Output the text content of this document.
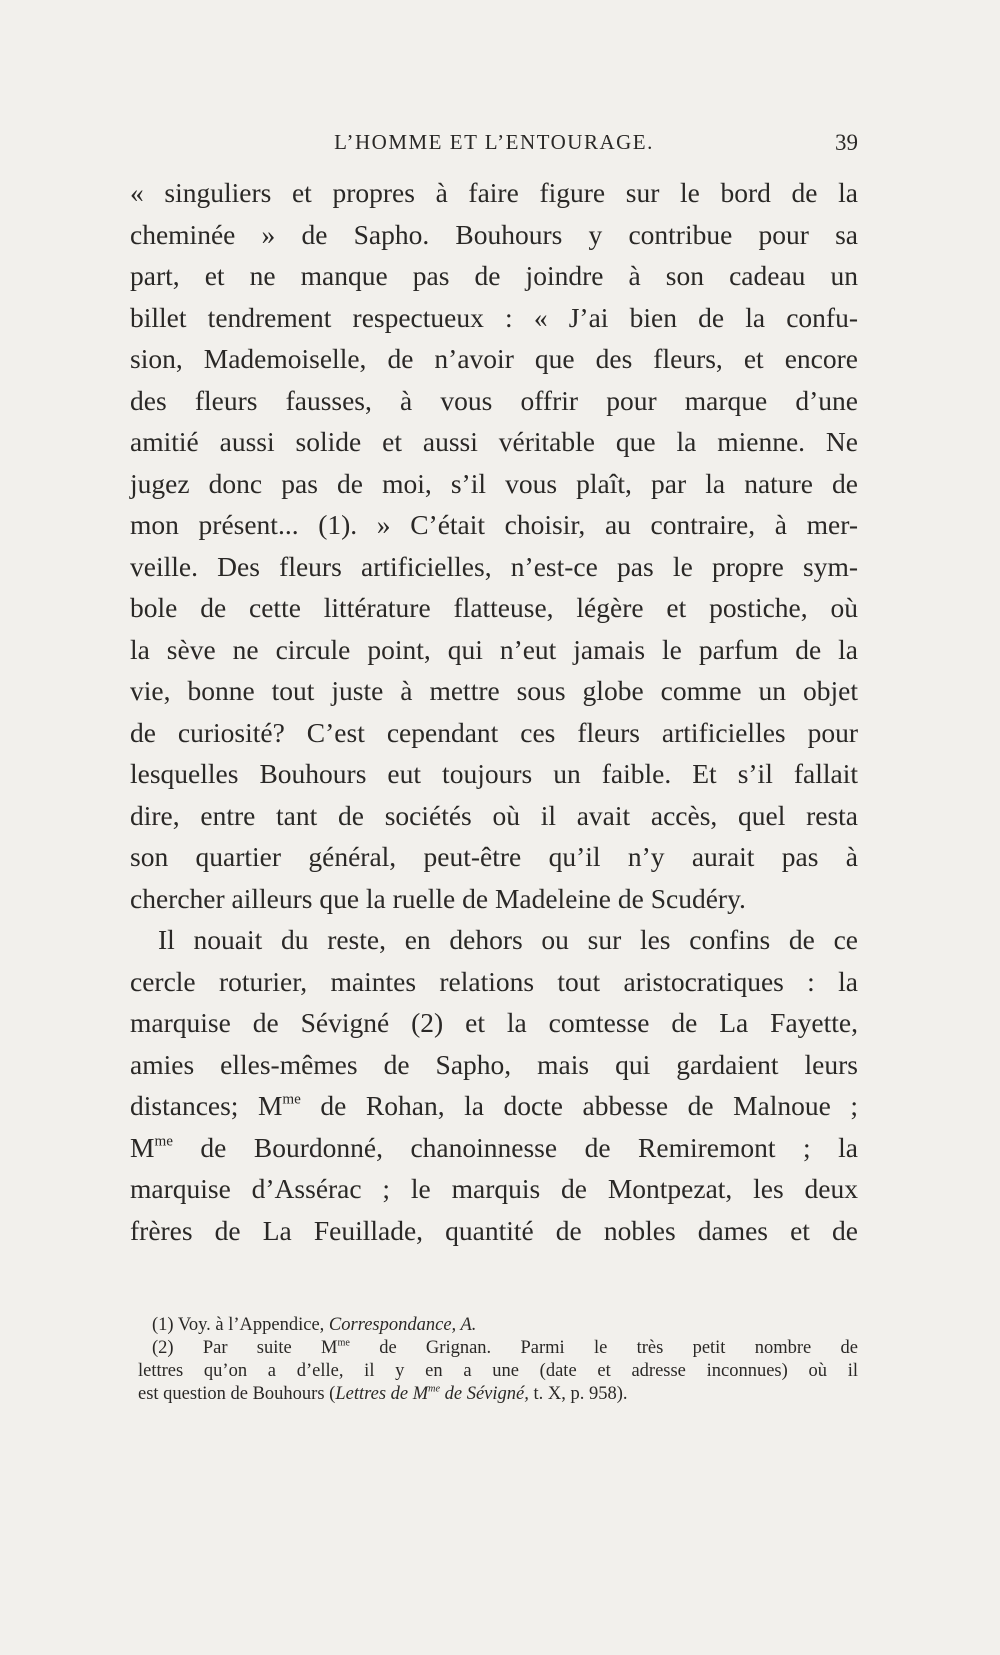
L’HOMME ET L’ENTOURAGE.	39
« singuliers et propres à faire figure sur le bord de la
cheminée » de Sapho. Bouhours y contribue pour sa
part, et ne manque pas de joindre à son cadeau un
billet tendrement respectueux : « J’ai bien de la confu-
sion, Mademoiselle, de n’avoir que des fleurs, et encore
des fleurs fausses, à vous offrir pour marque d’une
amitié aussi solide et aussi véritable que la mienne. Ne
jugez donc pas de moi, s’il vous plaît, par la nature de
mon présent... (1). » C’était choisir, au contraire, à mer-
veille. Des fleurs artificielles, n’est-ce pas le propre sym-
bole de cette littérature flatteuse, légère et postiche, où
la sève ne circule point, qui n’eut jamais le parfum de la
vie, bonne tout juste à mettre sous globe comme un objet
de curiosité? C’est cependant ces fleurs artificielles pour
lesquelles Bouhours eut toujours un faible. Et s’il fallait
dire, entre tant de sociétés où il avait accès, quel resta
son quartier général, peut-être qu’il n’y aurait pas à
chercher ailleurs que la ruelle de Madeleine de Scudéry.
Il nouait du reste, en dehors ou sur les confins de ce
cercle roturier, maintes relations tout aristocratiques : la
marquise de Sévigné (2) et la comtesse de La Fayette,
amies elles-mêmes de Sapho, mais qui gardaient leurs
distances; $M^{me}$ de Rohan, la docte abbesse de Malnoue ;
$M^{me}$ de Bourdonné, chanoinnesse de Remiremont ; la
marquise d’Assérac ; le marquis de Montpezat, les deux
frères de La Feuillade, quantité de nobles dames et de
(1) Voy. à l’Appendice, Correspondance, A.
(2) Par suite $M^{me}$ de Grignan. Parmi le très petit nombre de
lettres qu’on a d’elle, il y en a une (date et adresse inconnues) où il
est question de Bouhours (Lettres de $M^{me}$ de Sévigné, t. X, p. 958).
